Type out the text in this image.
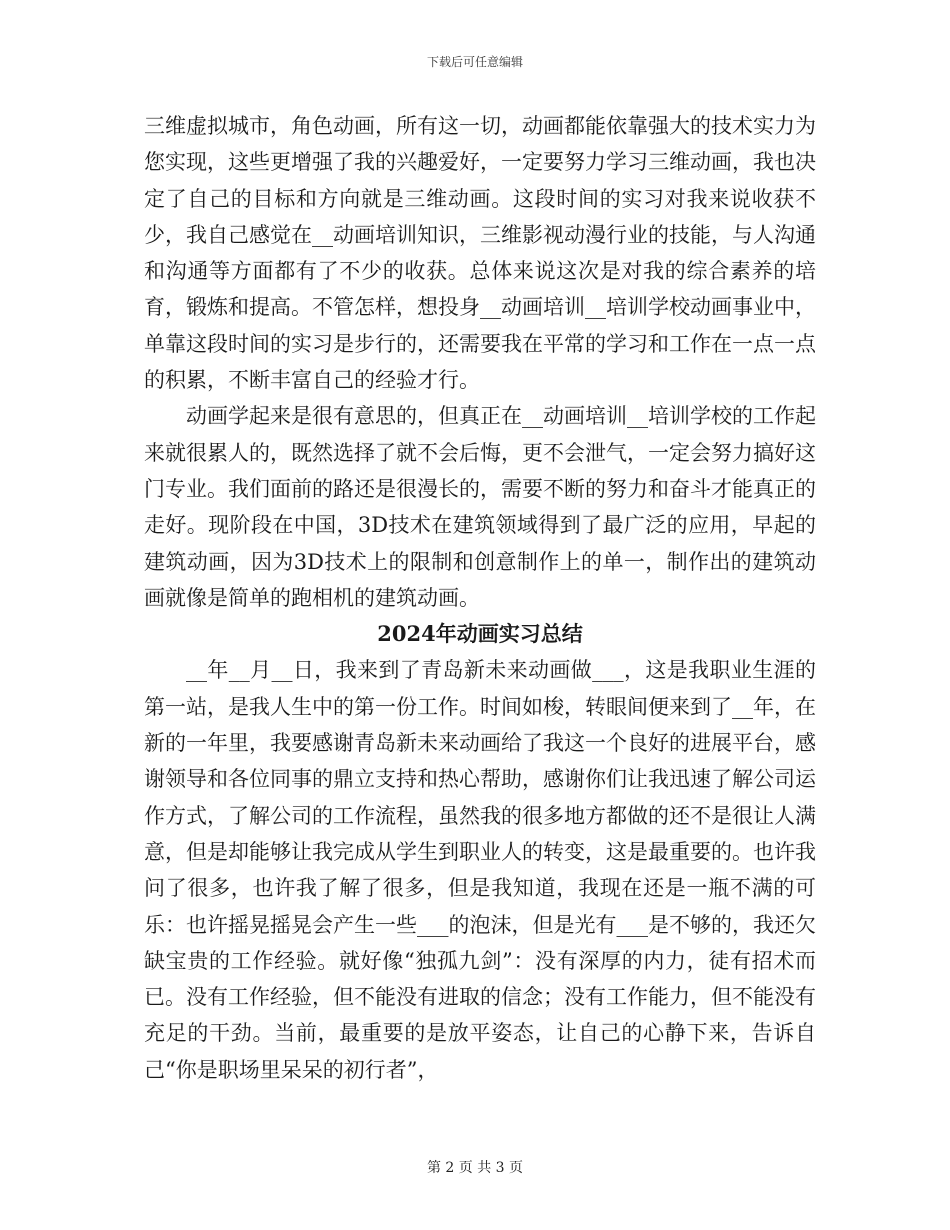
下载后可任意编辑

三维虚拟城市，角色动画，所有这一切，动画都能依靠强大的技术实力为您实现，这些更增强了我的兴趣爱好，一定要努力学习三维动画，我也决定了自己的目标和方向就是三维动画。这段时间的实习对我来说收获不少，我自己感觉在__动画培训知识，三维影视动漫行业的技能，与人沟通和沟通等方面都有了不少的收获。总体来说这次是对我的综合素养的培育，锻炼和提高。不管怎样，想投身__动画培训__培训学校动画事业中，单靠这段时间的实习是步行的，还需要我在平常的学习和工作在一点一点的积累，不断丰富自己的经验才行。

动画学起来是很有意思的，但真正在__动画培训__培训学校的工作起来就很累人的，既然选择了就不会后悔，更不会泄气，一定会努力搞好这门专业。我们面前的路还是很漫长的，需要不断的努力和奋斗才能真正的走好。现阶段在中国，3D技术在建筑领域得到了最广泛的应用，早起的建筑动画，因为3D技术上的限制和创意制作上的单一，制作出的建筑动画就像是简单的跑相机的建筑动画。

2024年动画实习总结

__年__月__日，我来到了青岛新未来动画做___，这是我职业生涯的第一站，是我人生中的第一份工作。时间如梭，转眼间便来到了__年，在新的一年里，我要感谢青岛新未来动画给了我这一个良好的进展平台，感谢领导和各位同事的鼎立支持和热心帮助，感谢你们让我迅速了解公司运作方式，了解公司的工作流程，虽然我的很多地方都做的还不是很让人满意，但是却能够让我完成从学生到职业人的转变，这是最重要的。也许我问了很多，也许我了解了很多，但是我知道，我现在还是一瓶不满的可乐：也许摇晃摇晃会产生一些___的泡沫，但是光有___是不够的，我还欠缺宝贵的工作经验。就好像“独孤九剑”：没有深厚的内力，徒有招术而已。没有工作经验，但不能没有进取的信念；没有工作能力，但不能没有充足的干劲。当前，最重要的是放平姿态，让自己的心静下来，告诉自己“你是职场里呆呆的初行者”，

第 2 页 共 3 页
